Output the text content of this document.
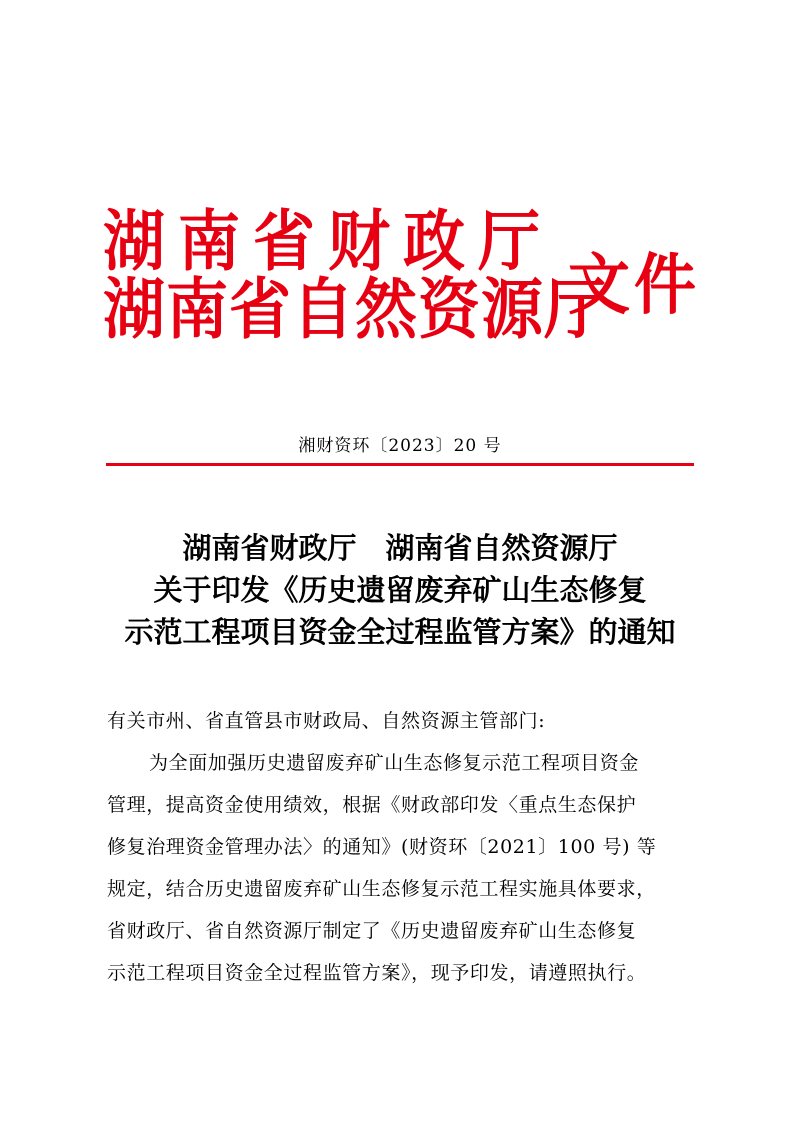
湖南省财政厅
湖南省自然资源厅
文件
湘财资环〔2023〕20 号
湖南省财政厅　湖南省自然资源厅
关于印发《历史遗留废弃矿山生态修复
示范工程项目资金全过程监管方案》的通知
有关市州、省直管县市财政局、自然资源主管部门:
为全面加强历史遗留废弃矿山生态修复示范工程项目资金
管理，提高资金使用绩效，根据《财政部印发〈重点生态保护
修复治理资金管理办法〉的通知》(财资环〔2021〕100 号) 等
规定，结合历史遗留废弃矿山生态修复示范工程实施具体要求，
省财政厅、省自然资源厅制定了《历史遗留废弃矿山生态修复
示范工程项目资金全过程监管方案》，现予印发，请遵照执行。
